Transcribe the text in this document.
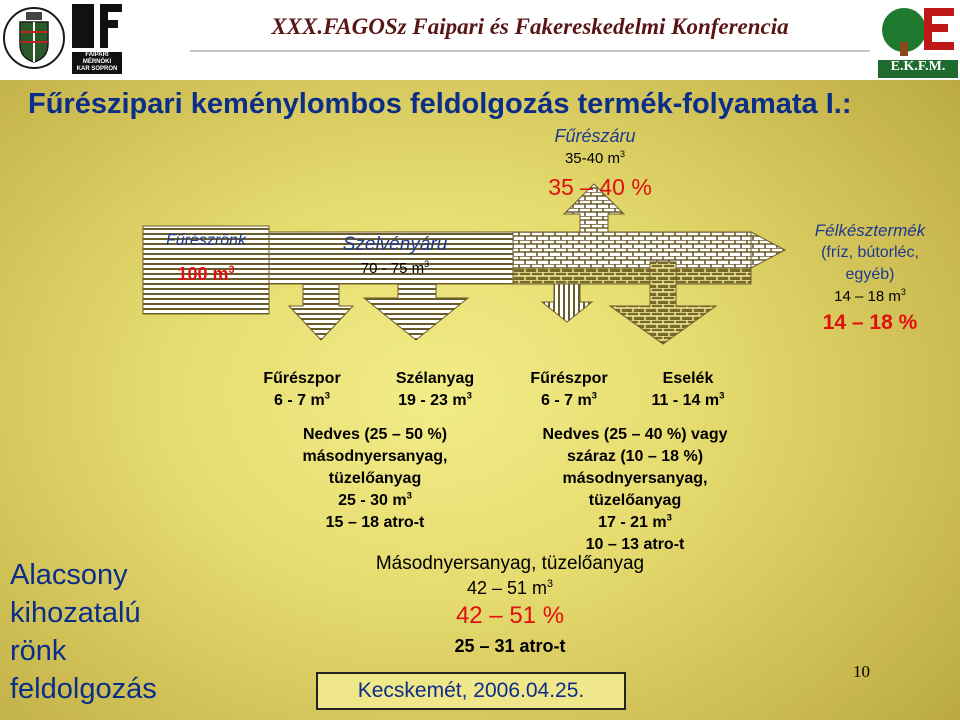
XXX.FAGOSz Faipari és Fakereskedelmi Konferencia
FAIPARI
MÉRNÖKI
KAR SOPRON	E.K.F.M.
Fűrészipari keménylombos feldolgozás termék-folyamata I.:
Fűrészrönk
100 $m^3$
Szelvényáru
70 - 75 $m^3$
Fűrészáru
35-40 $m^3$
35 – 40 %
Félkésztermék
(fríz, bútorléc,
egyéb)
14 – 18 $m^3$
14 – 18 %
Fűrészpor
6 - 7 $m^3$
Szélanyag
19 - 23 $m^3$
Fűrészpor
6 - 7 $m^3$
Eselék
11 - 14 $m^3$
Nedves (25 – 50 %)
másodnyersanyag,
tüzelőanyag
25 - 30 $m^3$
15 – 18 atro-t
Nedves (25 – 40 %) vagy
száraz (10 – 18 %)
másodnyersanyag,
tüzelőanyag
17 - 21 $m^3$
10 – 13 atro-t
Másodnyersanyag, tüzelőanyag
42 – 51 $m^3$
42 – 51 %
25 – 31 atro-t
Alacsony
kihozatalú
rönk
feldolgozás	Kecskemét, 2006.04.25.
10
